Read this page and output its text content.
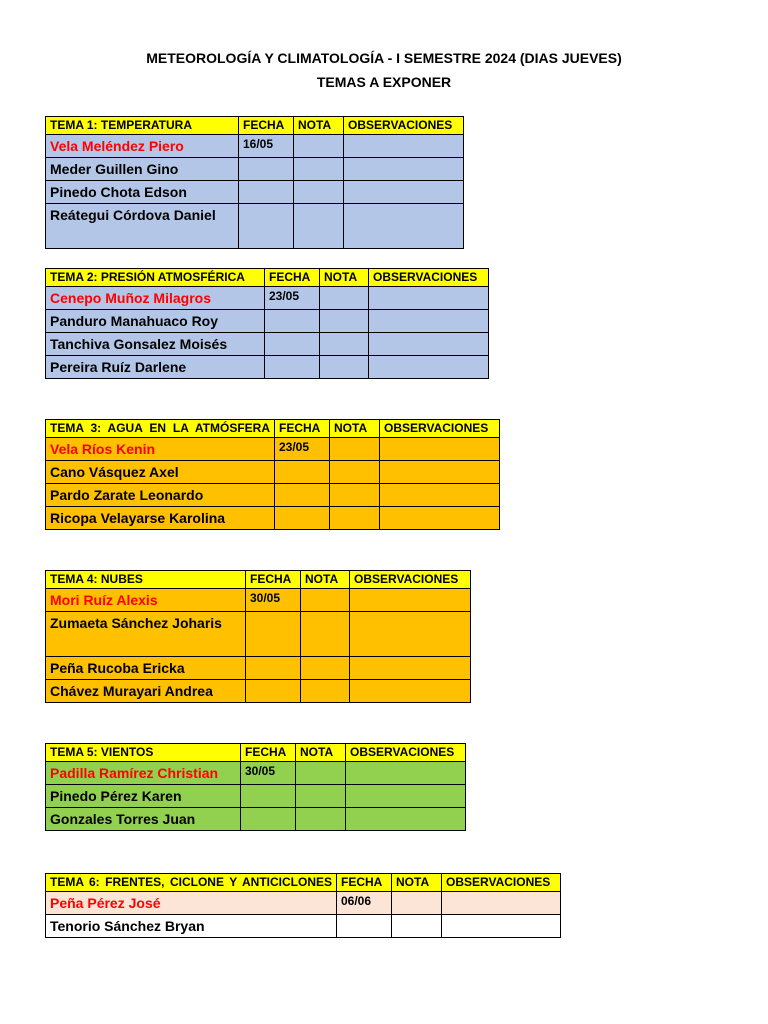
METEOROLOGÍA Y CLIMATOLOGÍA - I SEMESTRE 2024 (DIAS JUEVES)
TEMAS A EXPONER
TEMA 1: TEMPERATURA	FECHA	NOTA	OBSERVACIONES
Vela Meléndez Piero	16/05		
Meder Guillen Gino			
Pinedo Chota Edson			
Reátegui Córdova Daniel			
TEMA 2: PRESIÓN ATMOSFÉRICA	FECHA	NOTA	OBSERVACIONES
Cenepo Muñoz Milagros	23/05		
Panduro Manahuaco Roy			
Tanchiva Gonsalez Moisés			
Pereira Ruíz Darlene			
TEMA 3: AGUA EN LA ATMÓSFERA	FECHA	NOTA	OBSERVACIONES
Vela Ríos Kenin	23/05		
Cano Vásquez Axel			
Pardo Zarate Leonardo			
Ricopa Velayarse Karolina			
TEMA 4: NUBES	FECHA	NOTA	OBSERVACIONES
Mori Ruíz Alexis	30/05		
Zumaeta Sánchez Joharis			
Peña Rucoba Ericka			
Chávez Murayari Andrea			
TEMA 5: VIENTOS	FECHA	NOTA	OBSERVACIONES
Padilla Ramírez Christian	30/05		
Pinedo Pérez Karen			
Gonzales Torres Juan			
TEMA 6: FRENTES, CICLONE Y ANTICICLONES	FECHA	NOTA	OBSERVACIONES
Peña Pérez José	06/06		
Tenorio Sánchez Bryan			
